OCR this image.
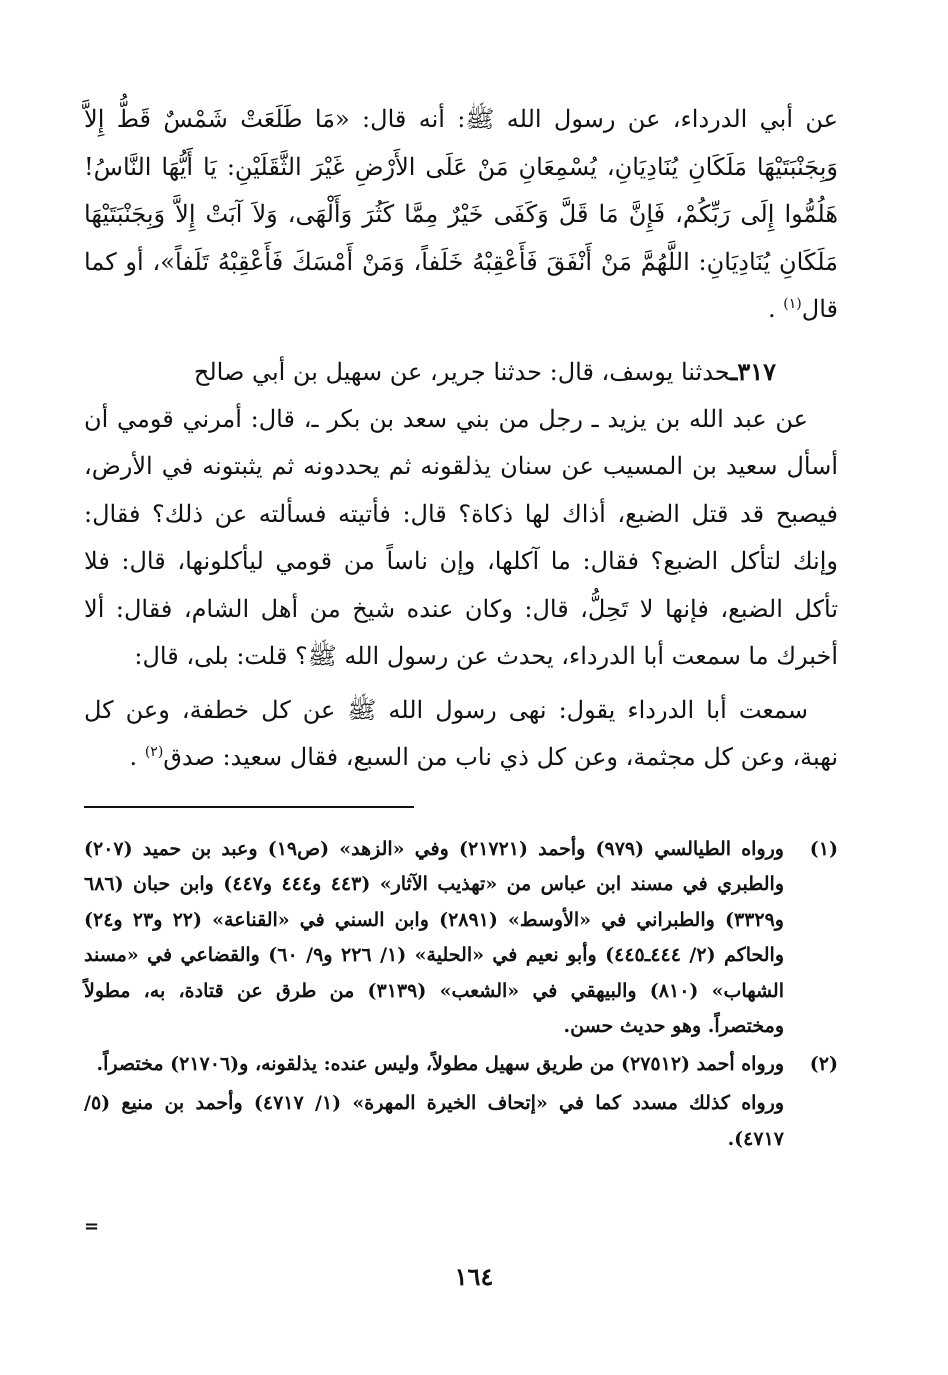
عن أبي الدرداء، عن رسول الله ﷺ: أنه قال: «مَا طَلَعَتْ شَمْسٌ قَطُّ إِلاَّ وَبِجَنْبَتَيْهَا مَلَكَانِ يُنَادِيَانِ، يُسْمِعَانِ مَنْ عَلَى الأَرْضِ غَيْرَ الثَّقَلَيْنِ: يَا أَيُّهَا النَّاسُ! هَلُمُّوا إِلَى رَبِّكُمْ، فَإِنَّ مَا قَلَّ وَكَفَى خَيْرٌ مِمَّا كَثُرَ وَأَلْهَى، وَلاَ آبَتْ إِلاَّ وَبِجَنْبَتَيْهَا مَلَكَانِ يُنَادِيَانِ: اللَّهُمَّ مَنْ أَنْفَقَ فَأَعْقِبْهُ خَلَفاً، وَمَنْ أَمْسَكَ فَأَعْقِبْهُ تَلَفاً»، أو كما قال$^{(١)}$ .

٣١٧ـحدثنا يوسف، قال: حدثنا جرير، عن سهيل بن أبي صالح

عن عبد الله بن يزيد ـ رجل من بني سعد بن بكر ـ، قال: أمرني قومي أن أسأل سعيد بن المسيب عن سنان يذلقونه ثم يحددونه ثم يثبتونه في الأرض، فيصبح قد قتل الضبع، أذاك لها ذكاة؟ قال: فأتيته فسألته عن ذلك؟ فقال: وإنك لتأكل الضبع؟ فقال: ما آكلها، وإن ناساً من قومي ليأكلونها، قال: فلا تأكل الضبع، فإنها لا تَحِلُّ، قال: وكان عنده شيخ من أهل الشام، فقال: ألا أخبرك ما سمعت أبا الدرداء، يحدث عن رسول الله ﷺ؟ قلت: بلى، قال:

سمعت أبا الدرداء يقول: نهى رسول الله ﷺ عن كل خطفة، وعن كل نهبة، وعن كل مجثمة، وعن كل ذي ناب من السبع، فقال سعيد: صدق$^{(٢)}$ .

(١)
ورواه الطيالسي (٩٧٩) وأحمد (٢١٧٢١) وفي «الزهد» (ص١٩) وعبد بن حميد (٢٠٧) والطبري في مسند ابن عباس من «تهذيب الآثار» (٤٤٣ و٤٤٤ و٤٤٧) وابن حبان (٦٨٦ و٣٣٢٩) والطبراني في «الأوسط» (٢٨٩١) وابن السني في «القناعة» (٢٢ و٢٣ و٢٤) والحاكم (٢/ ٤٤٤ـ٤٤٥) وأبو نعيم في «الحلية» (١/ ٢٢٦ و٩/ ٦٠) والقضاعي في «مسند الشهاب» (٨١٠) والبيهقي في «الشعب» (٣١٣٩) من طرق عن قتادة، به، مطولاً ومختصراً. وهو حديث حسن.
(٢)
ورواه أحمد (٢٧٥١٢) من طريق سهيل مطولاً، وليس عنده: يذلقونه، و(٢١٧٠٦) مختصراً.
ورواه كذلك مسدد كما في «إتحاف الخيرة المهرة» (١/ ٤٧١٧) وأحمد بن منيع (٥/ ٤٧١٧).
=
١٦٤
